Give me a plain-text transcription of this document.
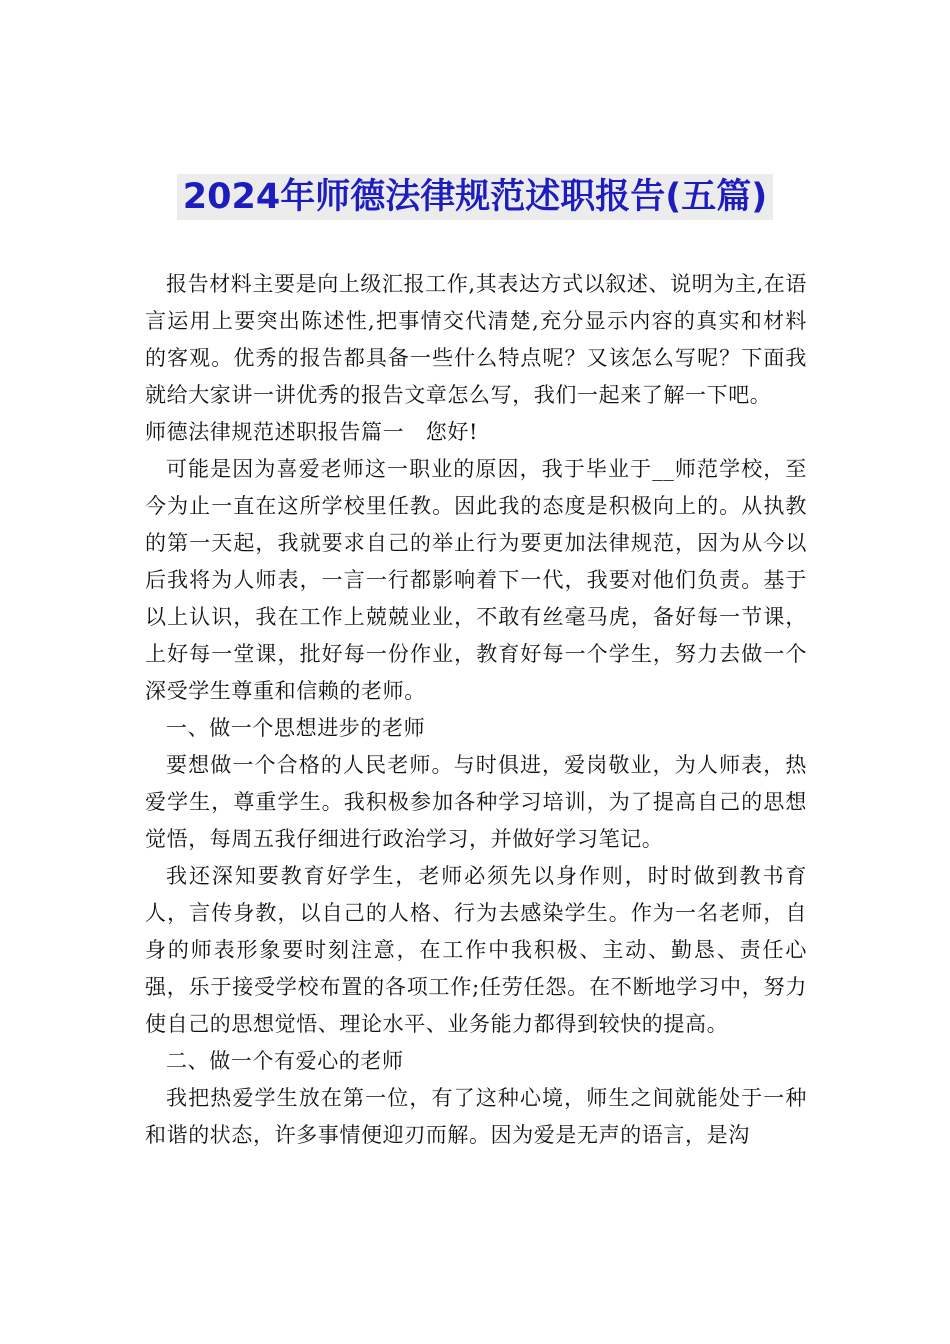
2024年师德法律规范述职报告(五篇)

报告材料主要是向上级汇报工作,其表达方式以叙述、说明为主,在语言运用上要突出陈述性,把事情交代清楚,充分显示内容的真实和材料的客观。优秀的报告都具备一些什么特点呢？又该怎么写呢？下面我就给大家讲一讲优秀的报告文章怎么写，我们一起来了解一下吧。

师德法律规范述职报告篇一　您好!

可能是因为喜爱老师这一职业的原因，我于毕业于__师范学校，至今为止一直在这所学校里任教。因此我的态度是积极向上的。从执教的第一天起，我就要求自己的举止行为要更加法律规范，因为从今以后我将为人师表，一言一行都影响着下一代，我要对他们负责。基于以上认识，我在工作上兢兢业业，不敢有丝毫马虎，备好每一节课，上好每一堂课，批好每一份作业，教育好每一个学生，努力去做一个深受学生尊重和信赖的老师。

一、做一个思想进步的老师

要想做一个合格的人民老师。与时俱进，爱岗敬业，为人师表，热爱学生，尊重学生。我积极参加各种学习培训，为了提高自己的思想觉悟，每周五我仔细进行政治学习，并做好学习笔记。

我还深知要教育好学生，老师必须先以身作则，时时做到教书育人，言传身教，以自己的人格、行为去感染学生。作为一名老师，自身的师表形象要时刻注意，在工作中我积极、主动、勤恳、责任心强，乐于接受学校布置的各项工作;任劳任怨。在不断地学习中，努力使自己的思想觉悟、理论水平、业务能力都得到较快的提高。

二、做一个有爱心的老师

我把热爱学生放在第一位，有了这种心境，师生之间就能处于一种和谐的状态，许多事情便迎刃而解。因为爱是无声的语言，是沟
